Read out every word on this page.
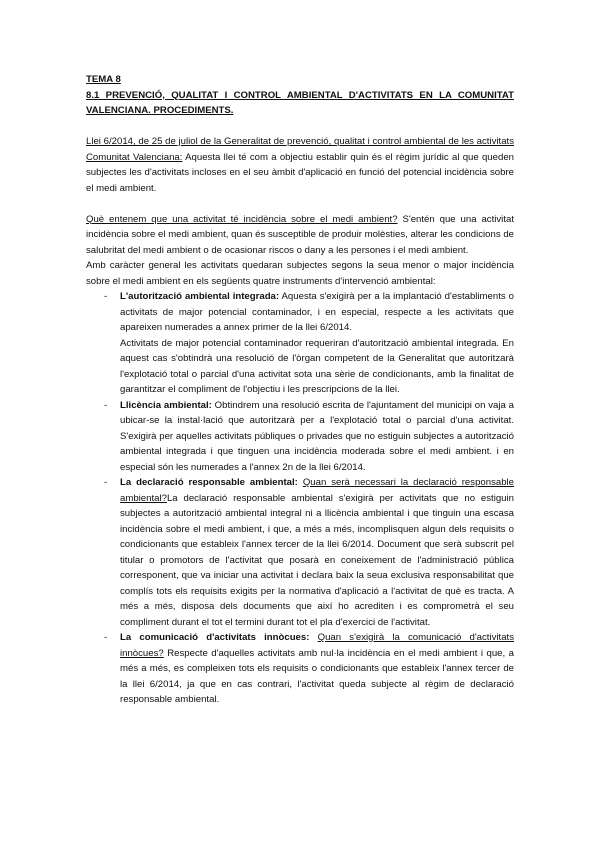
TEMA 8

8.1 PREVENCIÓ, QUALITAT I CONTROL AMBIENTAL D'ACTIVITATS EN LA COMUNITAT VALENCIANA. PROCEDIMENTS.

Llei 6/2014, de 25 de juliol de la Generalitat de prevenció, qualitat i control ambiental de les activitats Comunitat Valenciana: Aquesta llei té com a objectiu establir quin és el règim jurídic al que queden subjectes les d'activitats incloses en el seu àmbit d'aplicació en funció del potencial incidència sobre el medi ambient.

Què entenem que una activitat té incidència sobre el medi ambient? S'entén que una activitat incidència sobre el medi ambient, quan és susceptible de produir molèsties, alterar les condicions de salubritat del medi ambient o de ocasionar riscos o dany a les persones i el medi ambient.

Amb caràcter general les activitats quedaran subjectes segons la seua menor o major incidència sobre el medi ambient en els següents quatre instruments d'intervenció ambiental:

- L'autorització ambiental integrada: Aquesta s'exigirà per a la implantació d'establiments o activitats de major potencial contaminador, i en especial, respecte a les activitats que apareixen numerades a annex primer de la llei 6/2014.

Activitats de major potencial contaminador requeriran d'autorització ambiental integrada. En aquest cas s'obtindrà una resolució de l'òrgan competent de la Generalitat que autoritzarà l'explotació total o parcial d'una activitat sota una sèrie de condicionants, amb la finalitat de garantitzar el compliment de l'objectiu i les prescripcions de la llei.

- Llicència ambiental: Obtindrem una resolució escrita de l'ajuntament del municipi on vaja a ubicar-se la instal·lació que autoritzarà per a l'explotació total o parcial d'una activitat. S'exigirà per aquelles activitats públiques o privades que no estiguin subjectes a autorització ambiental integrada i que tinguen una incidència moderada sobre el medi ambient. i en especial són les numerades a l'annex 2n de la llei 6/2014.

- La declaració responsable ambiental: Quan serà necessari la declaració responsable ambiental?La declaració responsable ambiental s'exigirà per activitats que no estiguin subjectes a autorització ambiental integral ni a llicència ambiental i que tinguin una escasa incidència sobre el medi ambient, i que, a més a més, incomplisquen algun dels requisits o condicionants que estableix l'annex tercer de la llei 6/2014. Document que serà subscrit pel titular o promotors de l'activitat que posarà en coneixement de l'administració pública corresponent, que va iniciar una activitat i declara baix la seua exclusiva responsabilitat que complís tots els requisits exigits per la normativa d'aplicació a l'activitat de què es tracta. A més a més, disposa dels documents que així ho acrediten i es comprometrà el seu compliment durant el tot el termini durant tot el pla d'exercici de l'activitat.

- La comunicació d'activitats innòcues: Quan s'exigirà la comunicació d'activitats innòcues? Respecte d'aquelles activitats amb nul·la incidència en el medi ambient i que, a més a més, es compleixen tots els requisits o condicionants que estableix l'annex tercer de la llei 6/2014, ja que en cas contrari, l'activitat queda subjecte al règim de declaració responsable ambiental.
